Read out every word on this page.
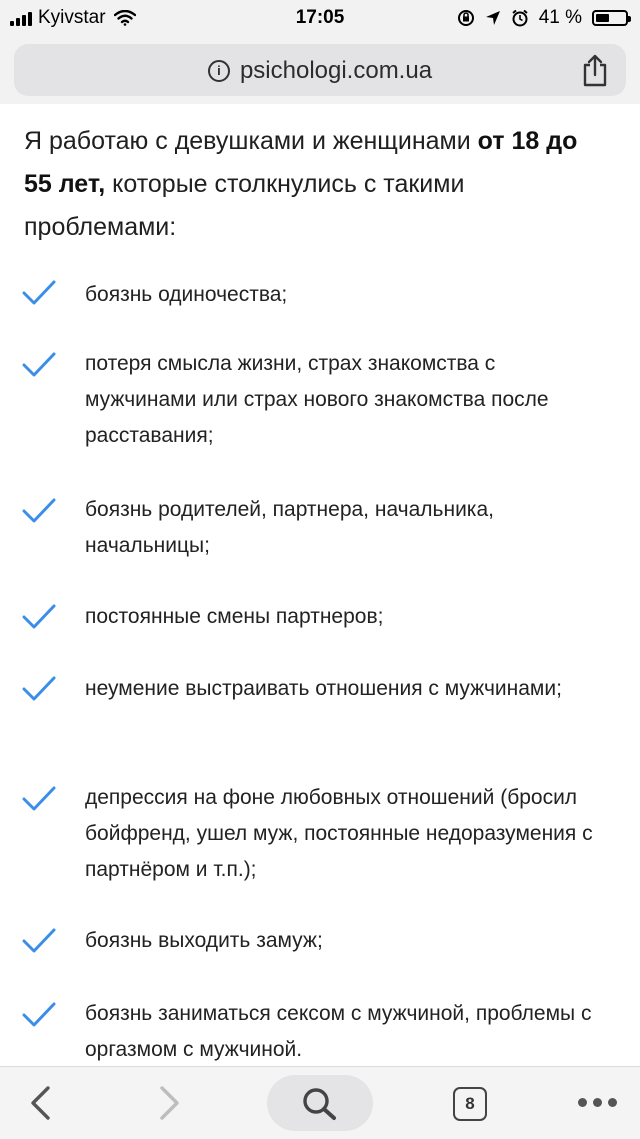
Kyivstar	17:05	41 %
i psichologi.com.ua
Я работаю с девушками и женщинами от 18 до 55 лет, которые столкнулись с такими проблемами:
боязнь одиночества;
потеря смысла жизни, страх знакомства с мужчинами или страх нового знакомства после расставания;
боязнь родителей, партнера, начальника, начальницы;
постоянные смены партнеров;
неумение выстраивать отношения с мужчинами;
депрессия на фоне любовных отношений (бросил бойфренд, ушел муж, постоянные недоразумения с партнёром и т.п.);
боязнь выходить замуж;
боязнь заниматься сексом с мужчиной, проблемы с оргазмом с мужчиной.
8
